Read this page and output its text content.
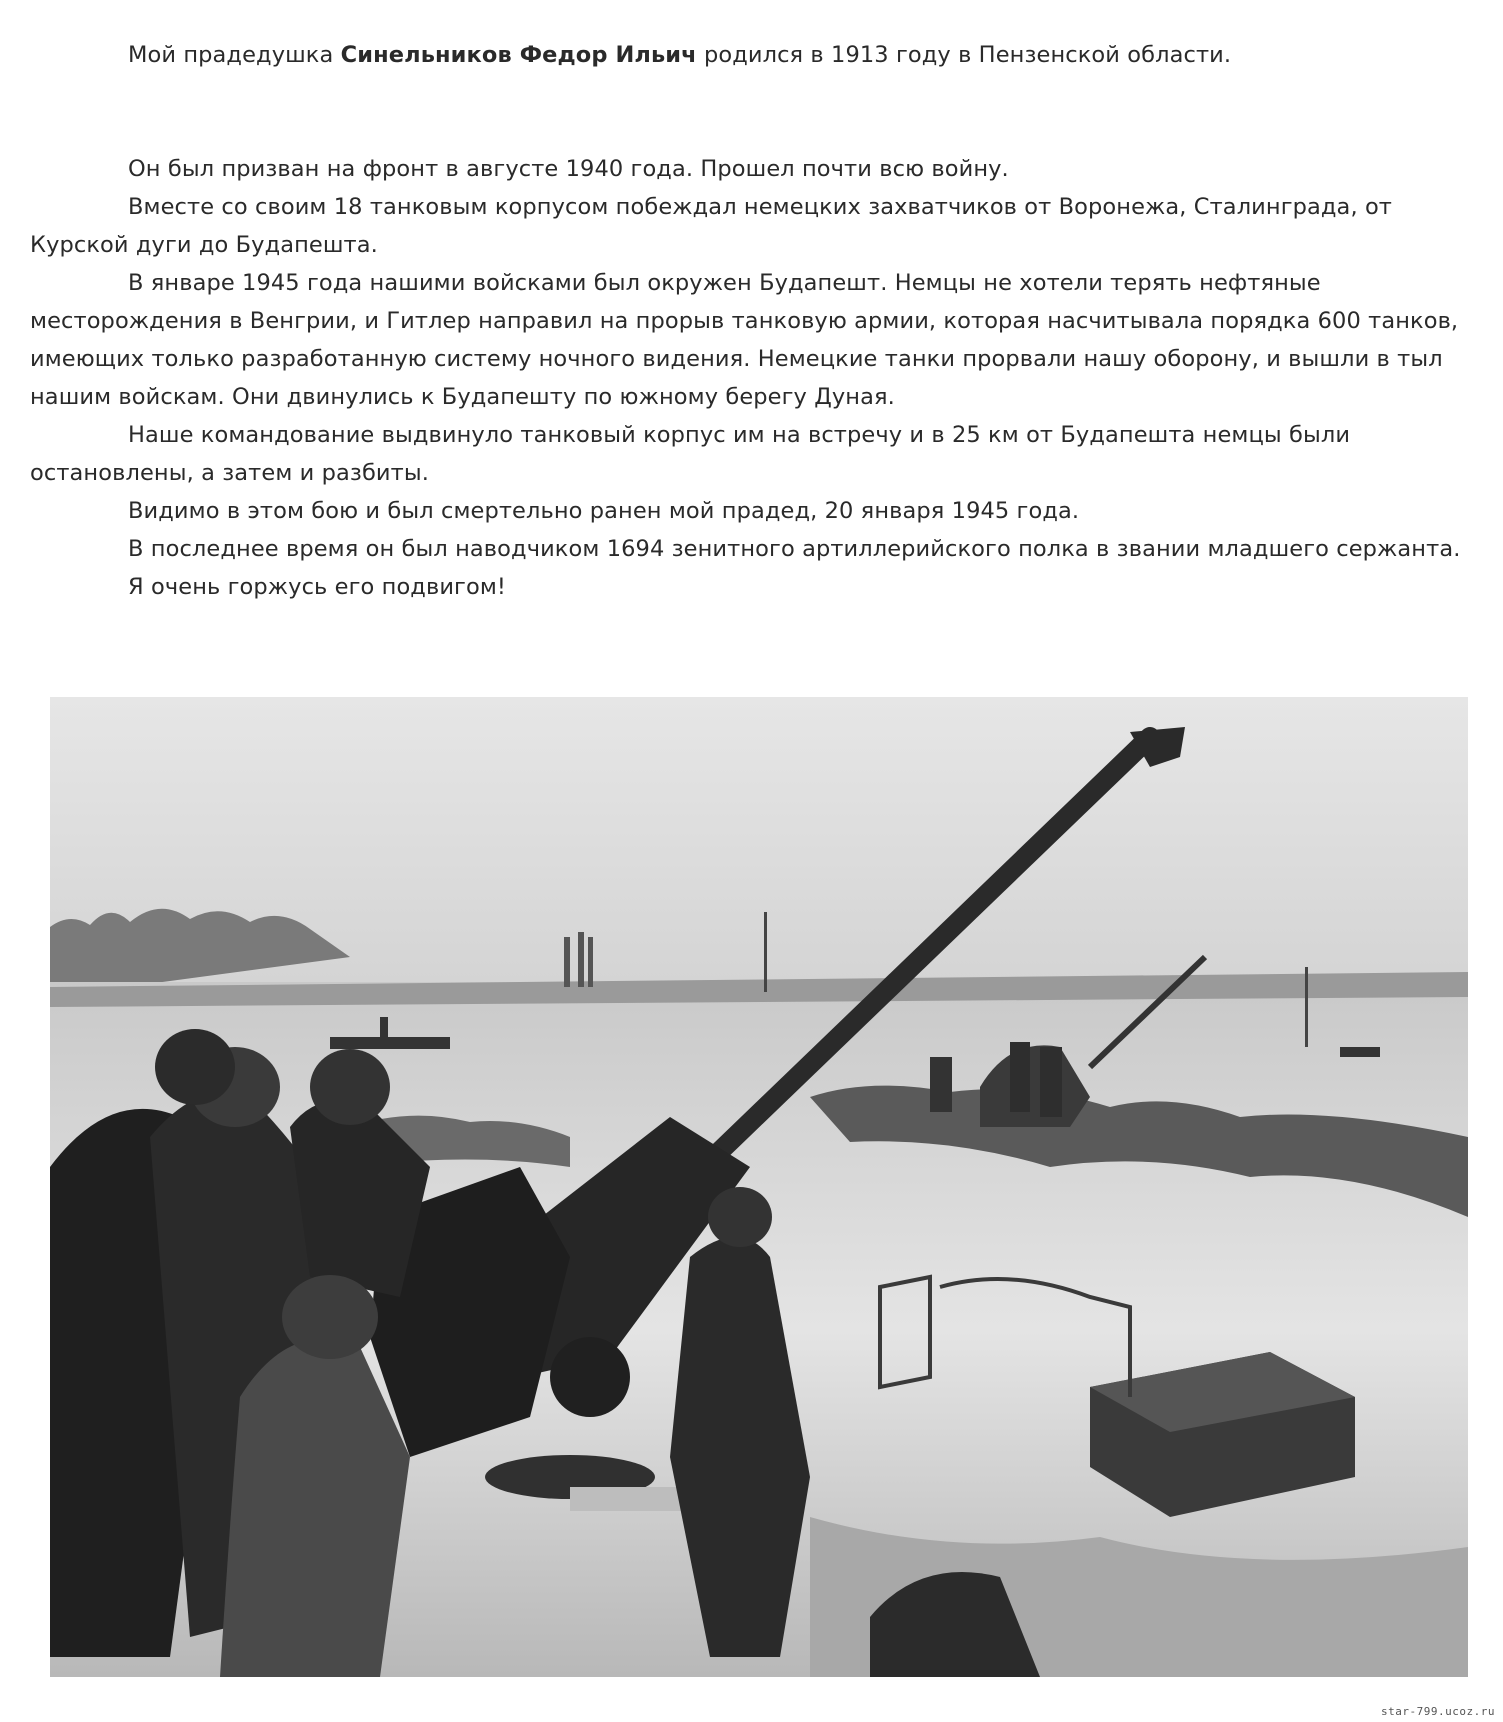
Мой прадедушка Синельников Федор Ильич родился в 1913 году в Пензенской области.

Он был призван на фронт в августе 1940 года. Прошел почти всю войну.

Вместе со своим 18 танковым корпусом побеждал немецких захватчиков от Воронежа, Сталинграда, от Курской дуги до Будапешта.

В январе 1945 года нашими войсками был окружен Будапешт. Немцы не хотели терять нефтяные месторождения в Венгрии, и Гитлер направил на прорыв танковую армии, которая насчитывала порядка 600 танков, имеющих только разработанную систему ночного видения. Немецкие танки прорвали нашу оборону, и вышли в тыл нашим войскам. Они двинулись к Будапешту по южному берегу Дуная.

Наше командование выдвинуло танковый корпус им на встречу и в 25 км от Будапешта немцы были остановлены, а затем и разбиты.

Видимо в этом бою и был смертельно ранен мой прадед, 20 января 1945 года.

В последнее время он был наводчиком 1694 зенитного артиллерийского полка в звании младшего сержанта.

Я очень горжусь его подвигом!

star-799.ucoz.ru
